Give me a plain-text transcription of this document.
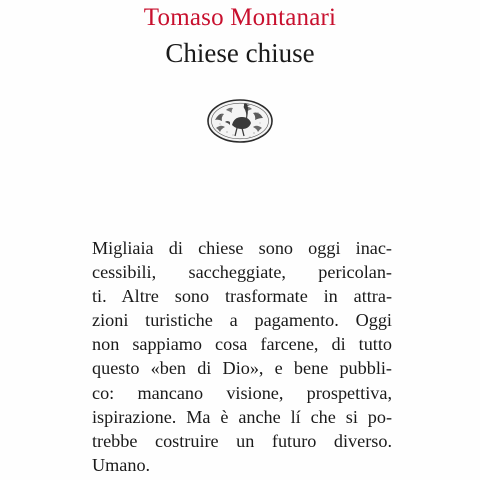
Tomaso Montanari
Chiese chiuse
Migliaia di chiese sono oggi inac-
cessibili, saccheggiate, pericolan-
ti. Altre sono trasformate in attra-
zioni turistiche a pagamento. Oggi
non sappiamo cosa farcene, di tutto
questo «ben di Dio», e bene pubbli-
co: mancano visione, prospettiva,
ispirazione. Ma è anche lí che si po-
trebbe costruire un futuro diverso.
Umano.
